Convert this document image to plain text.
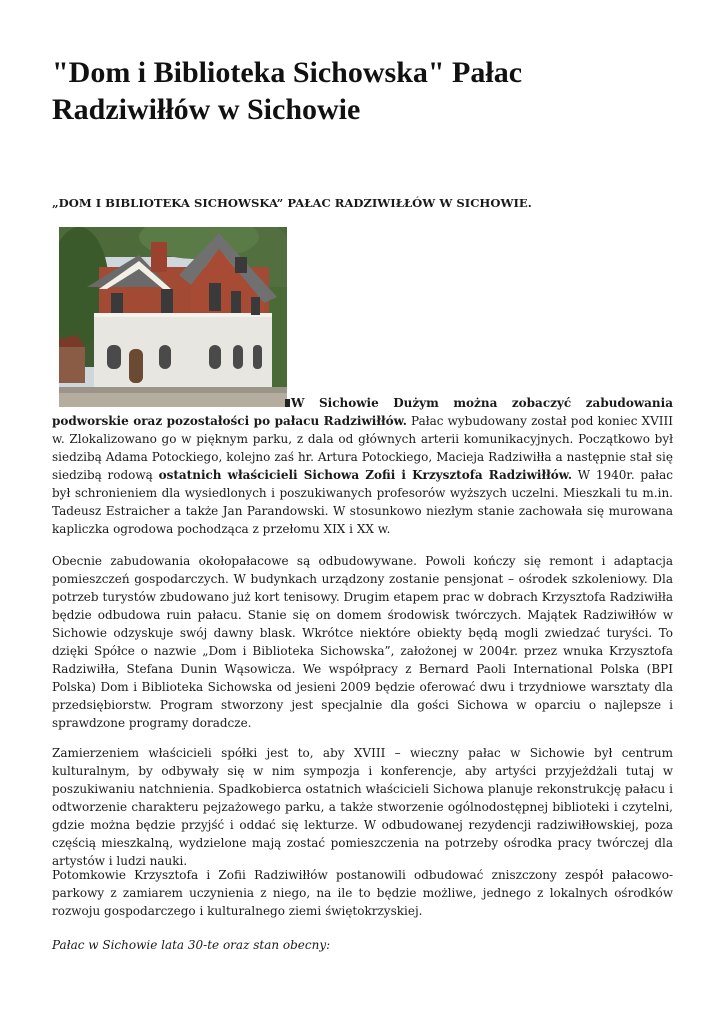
"Dom i Biblioteka Sichowska" Pałac Radziwiłłów w Sichowie

„DOM I BIBLIOTEKA SICHOWSKA” PAŁAC RADZIWIŁŁÓW W SICHOWIE.

W Sichowie Dużym można zobaczyć zabudowania podworskie oraz pozostałości po pałacu Radziwiłłów. Pałac wybudowany został pod koniec XVIII w. Zlokalizowano go w pięknym parku, z dala od głównych arterii komunikacyjnych. Początkowo był siedzibą Adama Potockiego, kolejno zaś hr. Artura Potockiego, Macieja Radziwiłła a następnie stał się siedzibą rodową ostatnich właścicieli Sichowa Zofii i Krzysztofa Radziwiłłów. W 1940r. pałac był schronieniem dla wysiedlonych i poszukiwanych profesorów wyższych uczelni. Mieszkali tu m.in. Tadeusz Estraicher a także Jan Parandowski. W stosunkowo niezłym stanie zachowała się murowana kapliczka ogrodowa pochodząca z przełomu XIX i XX w.

Obecnie zabudowania okołopałacowe są odbudowywane. Powoli kończy się remont i adaptacja pomieszczeń gospodarczych. W budynkach urządzony zostanie pensjonat – ośrodek szkoleniowy. Dla potrzeb turystów zbudowano już kort tenisowy. Drugim etapem prac w dobrach Krzysztofa Radziwiłła będzie odbudowa ruin pałacu. Stanie się on domem środowisk twórczych. Majątek Radziwiłłów w Sichowie odzyskuje swój dawny blask. Wkrótce niektóre obiekty będą mogli zwiedzać turyści. To dzięki Spółce o nazwie „Dom i Biblioteka Sichowska”, założonej w 2004r. przez wnuka Krzysztofa Radziwiłła, Stefana Dunin Wąsowicza. We współpracy z Bernard Paoli International Polska (BPI Polska) Dom i Biblioteka Sichowska od jesieni 2009 będzie oferować dwu i trzydniowe warsztaty dla przedsiębiorstw. Program stworzony jest specjalnie dla gości Sichowa w oparciu o najlepsze i sprawdzone programy doradcze.

Zamierzeniem właścicieli spółki jest to, aby XVIII – wieczny pałac w Sichowie był centrum kulturalnym, by odbywały się w nim sympozja i konferencje, aby artyści przyjeżdżali tutaj w poszukiwaniu natchnienia. Spadkobierca ostatnich właścicieli Sichowa planuje rekonstrukcję pałacu i odtworzenie charakteru pejzażowego parku, a także stworzenie ogólnodostępnej biblioteki i czytelni, gdzie można będzie przyjść i oddać się lekturze. W odbudowanej rezydencji radziwiłłowskiej, poza częścią mieszkalną, wydzielone mają zostać pomieszczenia na potrzeby ośrodka pracy twórczej dla artystów i ludzi nauki.

Potomkowie Krzysztofa i Zofii Radziwiłłów postanowili odbudować zniszczony zespół pałacowo-parkowy z zamiarem uczynienia z niego, na ile to będzie możliwe, jednego z lokalnych ośrodków rozwoju gospodarczego i kulturalnego ziemi świętokrzyskiej.

Pałac w Sichowie lata 30-te oraz stan obecny:
